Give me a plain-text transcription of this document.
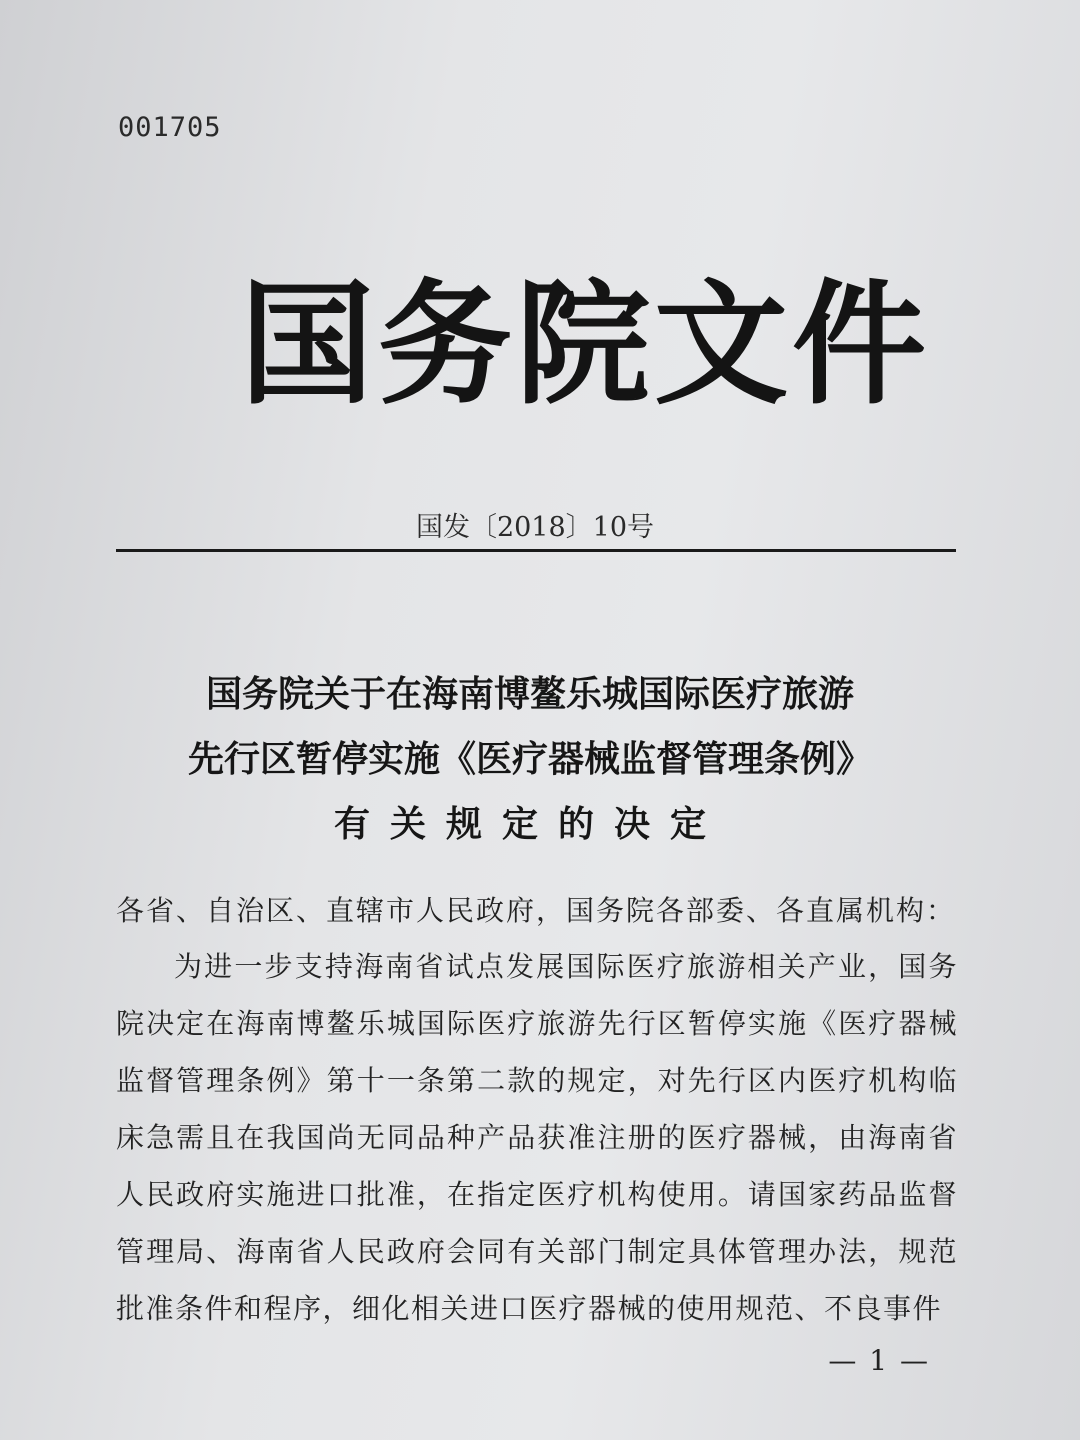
001705
国务院文件
国发〔2018〕10号
国务院关于在海南博鳌乐城国际医疗旅游
先行区暂停实施《医疗器械监督管理条例》
有关规定的决定
各省、自治区、直辖市人民政府，国务院各部委、各直属机构：
为进一步支持海南省试点发展国际医疗旅游相关产业，国务院决定在海南博鳌乐城国际医疗旅游先行区暂停实施《医疗器械监督管理条例》第十一条第二款的规定，对先行区内医疗机构临床急需且在我国尚无同品种产品获准注册的医疗器械，由海南省人民政府实施进口批准，在指定医疗机构使用。请国家药品监督管理局、海南省人民政府会同有关部门制定具体管理办法，规范批准条件和程序，细化相关进口医疗器械的使用规范、不良事件
— 1 —
